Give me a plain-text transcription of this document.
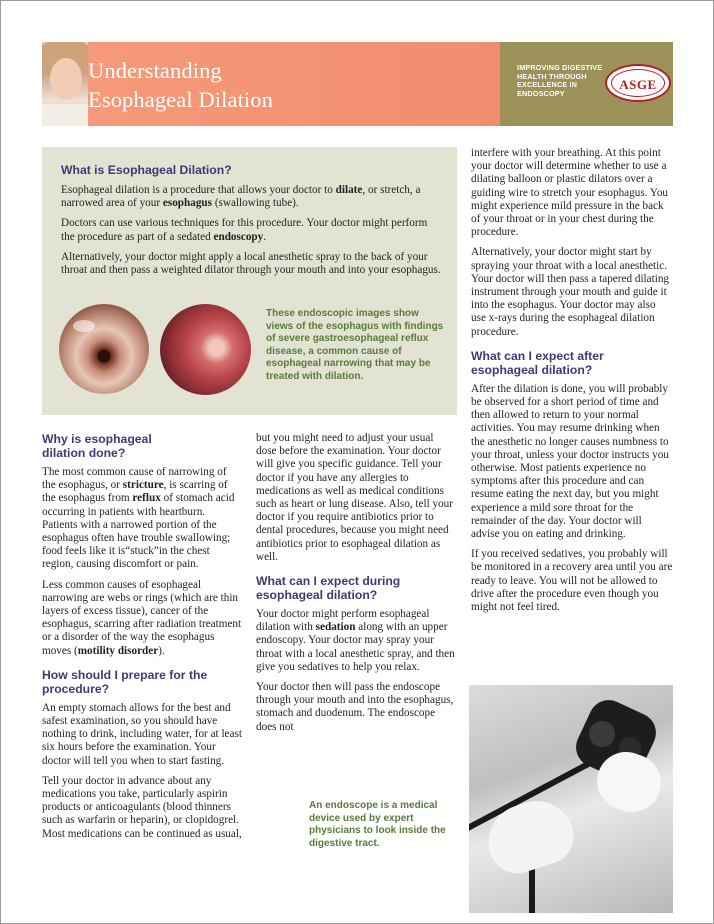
Understanding
Esophageal Dilation
IMPROVING DIGESTIVE
HEALTH THROUGH
EXCELLENCE IN
ENDOSCOPY
ASGE
What is Esophageal Dilation?

Esophageal dilation is a procedure that allows your doctor to dilate, or stretch, a narrowed area of your esophagus (swallowing tube).

Doctors can use various techniques for this procedure. Your doctor might perform the procedure as part of a sedated endoscopy.

Alternatively, your doctor might apply a local anesthetic spray to the back of your throat and then pass a weighted dilator through your mouth and into your esophagus.

These endoscopic images show views of the esophagus with findings of severe gastroesophageal reflux disease, a common cause of esophageal narrowing that may be treated with dilation.
Why is esophageal dilation done?

The most common cause of narrowing of the esophagus, or stricture, is scarring of the esophagus from reflux of stomach acid occurring in patients with heartburn. Patients with a narrowed portion of the esophagus often have trouble swallowing; food feels like it is“stuck”in the chest region, causing discomfort or pain.

Less common causes of esophageal narrowing are webs or rings (which are thin layers of excess tissue), cancer of the esophagus, scarring after radiation treatment or a disorder of the way the esophagus moves (motility disorder).

How should I prepare for the procedure?

An empty stomach allows for the best and safest examination, so you should have nothing to drink, including water, for at least six hours before the examination. Your doctor will tell you when to start fasting.

Tell your doctor in advance about any medications you take, particularly aspirin products or anticoagulants (blood thinners such as warfarin or heparin), or clopidogrel. Most medications can be continued as usual,

but you might need to adjust your usual dose before the examination. Your doctor will give you specific guidance. Tell your doctor if you have any allergies to medications as well as medical conditions such as heart or lung disease. Also, tell your doctor if you require antibiotics prior to dental procedures, because you might need antibiotics prior to esophageal dilation as well.

What can I expect during esophageal dilation?

Your doctor might perform esophageal dilation with sedation along with an upper endoscopy. Your doctor may spray your throat with a local anesthetic spray, and then give you sedatives to help you relax.

Your doctor then will pass the endoscope through your mouth and into the esophagus, stomach and duodenum. The endoscope does not

An endoscope is a medical device used by expert physicians to look inside the digestive tract.

interfere with your breathing. At this point your doctor will determine whether to use a dilating balloon or plastic dilators over a guiding wire to stretch your esophagus. You might experience mild pressure in the back of your throat or in your chest during the procedure.

Alternatively, your doctor might start by spraying your throat with a local anesthetic. Your doctor will then pass a tapered dilating instrument through your mouth and guide it into the esophagus. Your doctor may also use x-rays during the esophageal dilation procedure.

What can I expect after esophageal dilation?

After the dilation is done, you will probably be observed for a short period of time and then allowed to return to your normal activities. You may resume drinking when the anesthetic no longer causes numbness to your throat, unless your doctor instructs you otherwise. Most patients experience no symptoms after this procedure and can resume eating the next day, but you might experience a mild sore throat for the remainder of the day. Your doctor will advise you on eating and drinking.

If you received sedatives, you probably will be monitored in a recovery area until you are ready to leave. You will not be allowed to drive after the procedure even though you might not feel tired.
